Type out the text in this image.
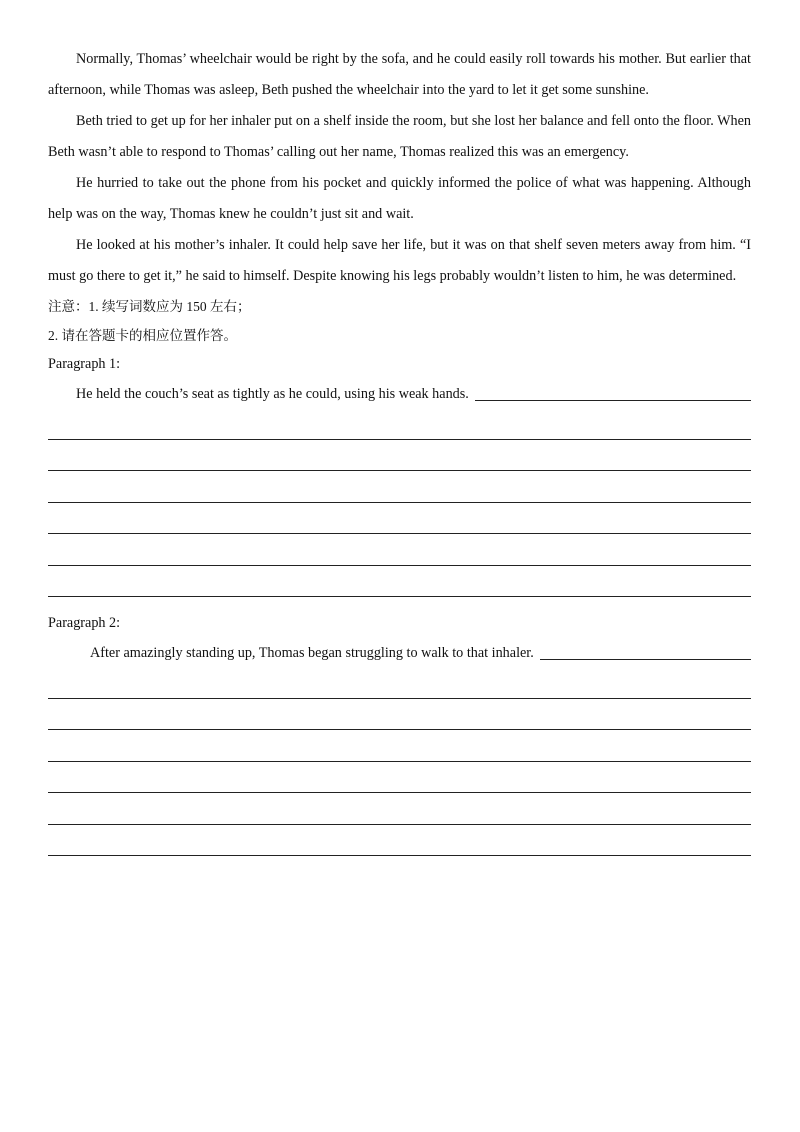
Normally, Thomas’ wheelchair would be right by the sofa, and he could easily roll towards his mother. But earlier that afternoon, while Thomas was asleep, Beth pushed the wheelchair into the yard to let it get some sunshine.

Beth tried to get up for her inhaler put on a shelf inside the room, but she lost her balance and fell onto the floor. When Beth wasn’t able to respond to Thomas’ calling out her name, Thomas realized this was an emergency.

He hurried to take out the phone from his pocket and quickly informed the police of what was happening. Although help was on the way, Thomas knew he couldn’t just sit and wait.

He looked at his mother’s inhaler. It could help save her life, but it was on that shelf seven meters away from him. “I must go there to get it,” he said to himself. Despite knowing his legs probably wouldn’t listen to him, he was determined.

注意：1. 续写词数应为 150 左右；

2. 请在答题卡的相应位置作答。

Paragraph 1:

He held the couch’s seat as tightly as he could, using his weak hands.

Paragraph 2:

After amazingly standing up, Thomas began struggling to walk to that inhaler.
